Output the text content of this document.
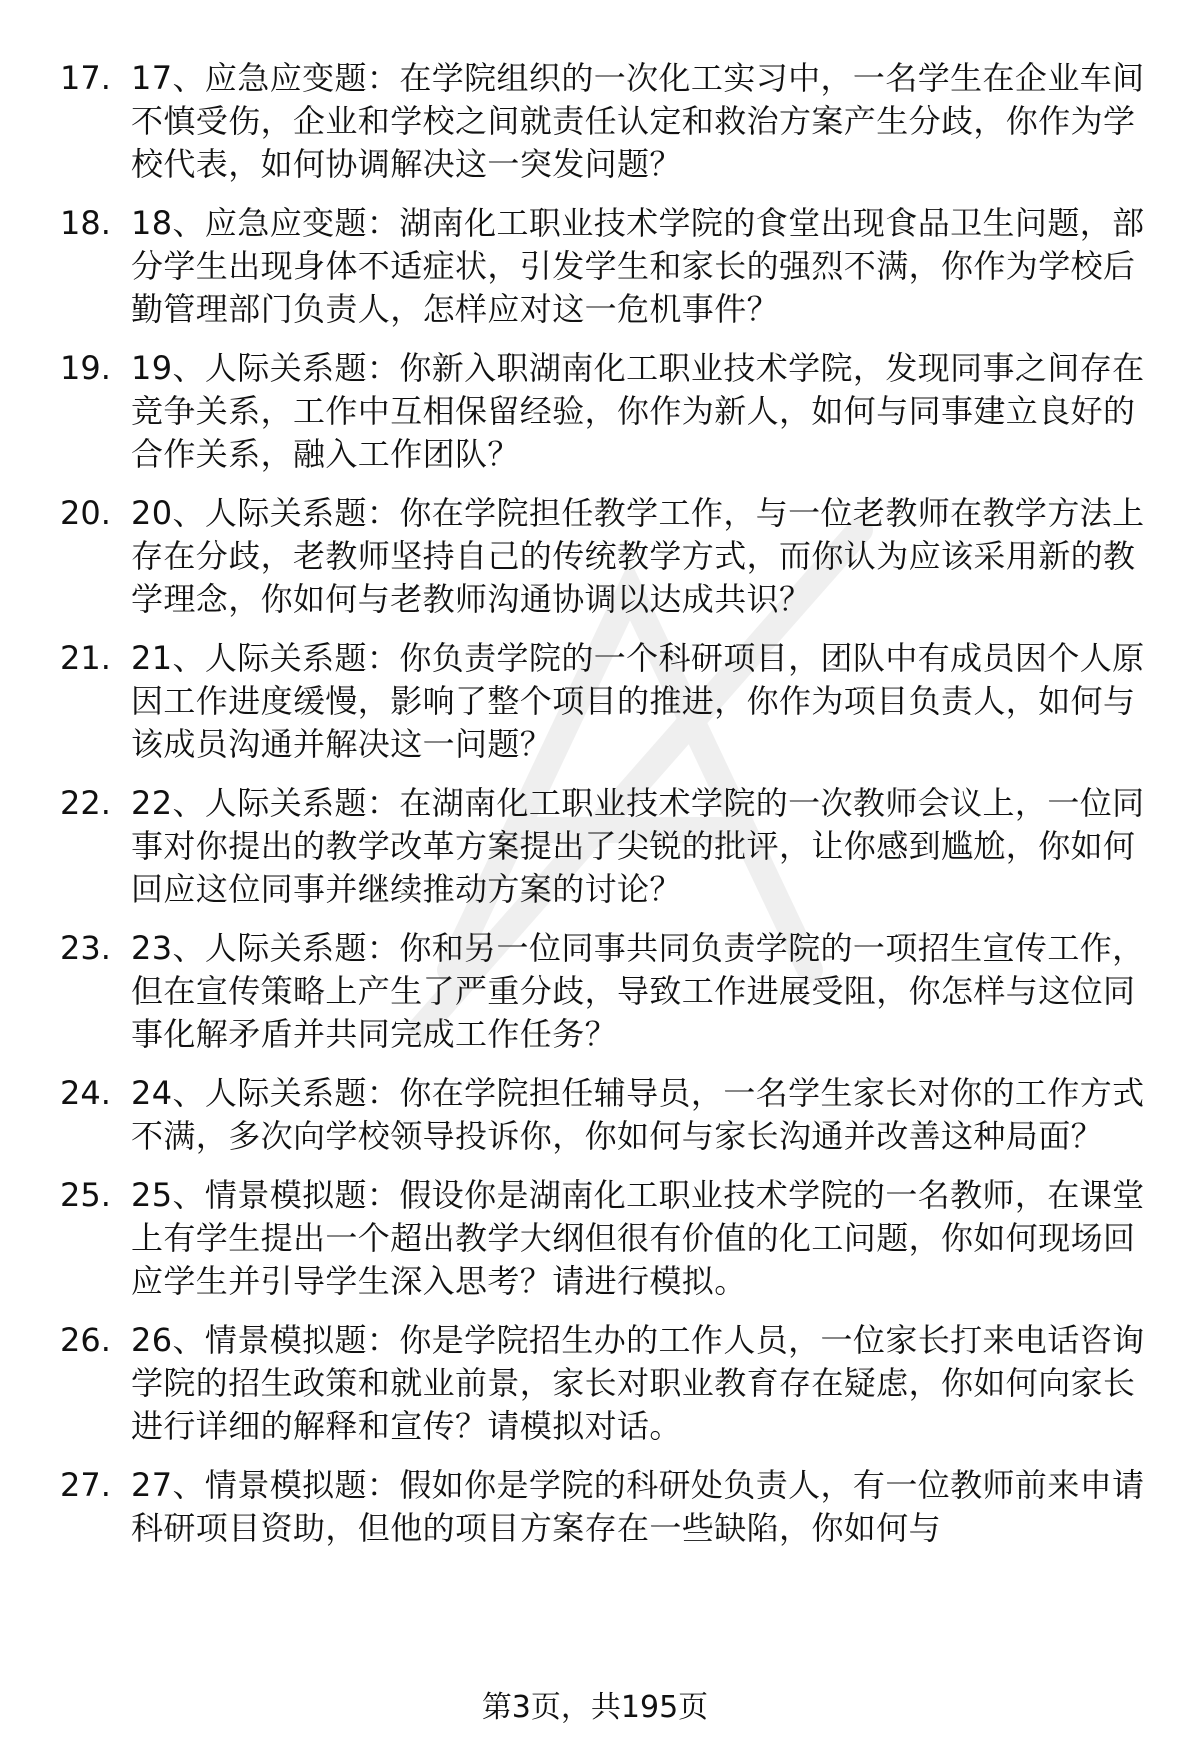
17. 17、应急应变题：在学院组织的一次化工实习中，一名学生在企业车间不慎受伤，企业和学校之间就责任认定和救治方案产生分歧，你作为学校代表，如何协调解决这一突发问题？
18. 18、应急应变题：湖南化工职业技术学院的食堂出现食品卫生问题，部分学生出现身体不适症状，引发学生和家长的强烈不满，你作为学校后勤管理部门负责人，怎样应对这一危机事件？
19. 19、人际关系题：你新入职湖南化工职业技术学院，发现同事之间存在竞争关系，工作中互相保留经验，你作为新人，如何与同事建立良好的合作关系，融入工作团队？
20. 20、人际关系题：你在学院担任教学工作，与一位老教师在教学方法上存在分歧，老教师坚持自己的传统教学方式，而你认为应该采用新的教学理念，你如何与老教师沟通协调以达成共识？
21. 21、人际关系题：你负责学院的一个科研项目，团队中有成员因个人原因工作进度缓慢，影响了整个项目的推进，你作为项目负责人，如何与该成员沟通并解决这一问题？
22. 22、人际关系题：在湖南化工职业技术学院的一次教师会议上，一位同事对你提出的教学改革方案提出了尖锐的批评，让你感到尴尬，你如何回应这位同事并继续推动方案的讨论？
23. 23、人际关系题：你和另一位同事共同负责学院的一项招生宣传工作，但在宣传策略上产生了严重分歧，导致工作进展受阻，你怎样与这位同事化解矛盾并共同完成工作任务？
24. 24、人际关系题：你在学院担任辅导员，一名学生家长对你的工作方式不满，多次向学校领导投诉你，你如何与家长沟通并改善这种局面？
25. 25、情景模拟题：假设你是湖南化工职业技术学院的一名教师，在课堂上有学生提出一个超出教学大纲但很有价值的化工问题，你如何现场回应学生并引导学生深入思考？请进行模拟。
26. 26、情景模拟题：你是学院招生办的工作人员，一位家长打来电话咨询学院的招生政策和就业前景，家长对职业教育存在疑虑，你如何向家长进行详细的解释和宣传？请模拟对话。
27. 27、情景模拟题：假如你是学院的科研处负责人，有一位教师前来申请科研项目资助，但他的项目方案存在一些缺陷，你如何与
第3页，共195页
